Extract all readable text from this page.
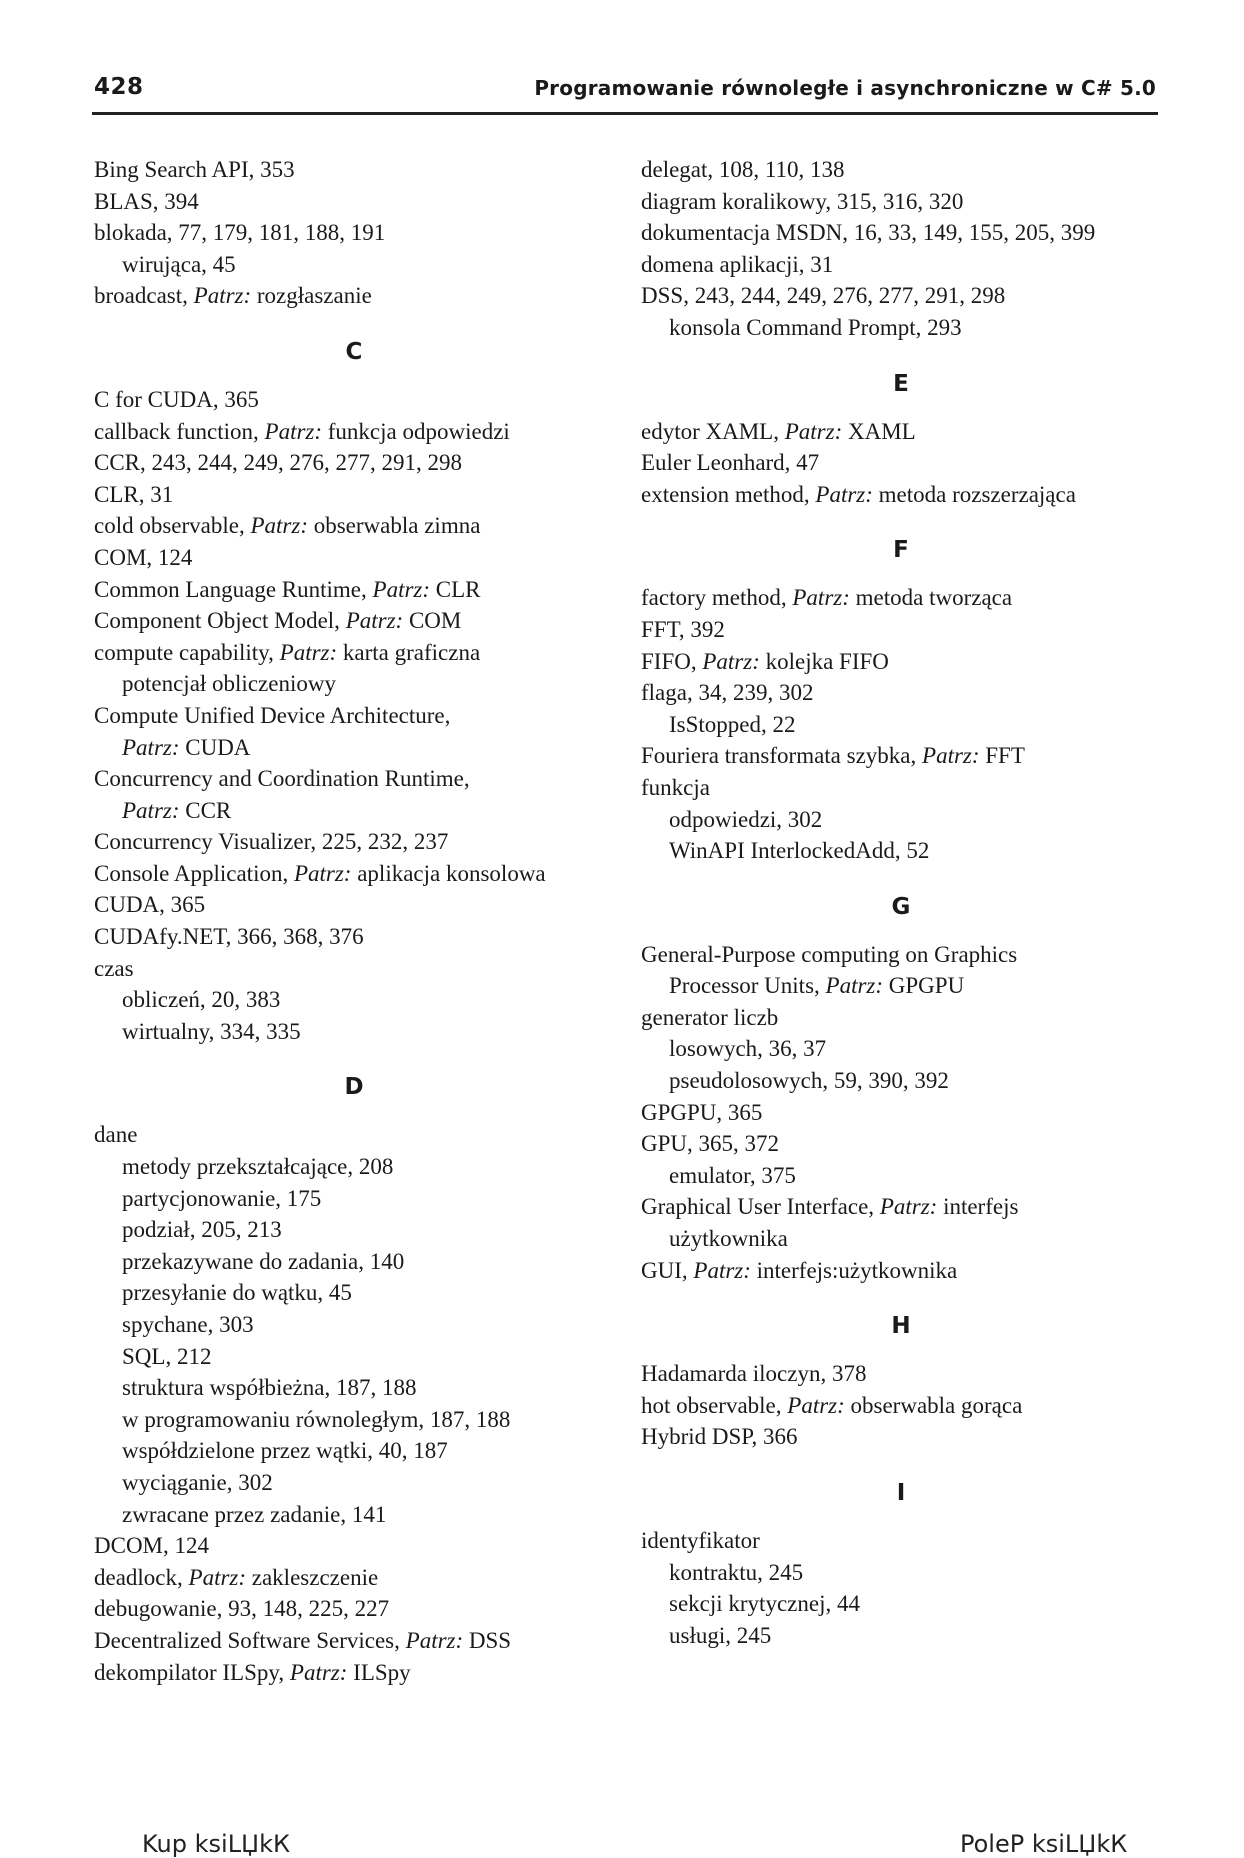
428	Programowanie równoległe i asynchroniczne w C# 5.0
Bing Search API, 353
BLAS, 394
blokada, 77, 179, 181, 188, 191
wirująca, 45
broadcast, Patrz: rozgłaszanie
C
C for CUDA, 365
callback function, Patrz: funkcja odpowiedzi
CCR, 243, 244, 249, 276, 277, 291, 298
CLR, 31
cold observable, Patrz: obserwabla zimna
COM, 124
Common Language Runtime, Patrz: CLR
Component Object Model, Patrz: COM
compute capability, Patrz: karta graficzna
potencjał obliczeniowy
Compute Unified Device Architecture,
Patrz: CUDA
Concurrency and Coordination Runtime,
Patrz: CCR
Concurrency Visualizer, 225, 232, 237
Console Application, Patrz: aplikacja konsolowa
CUDA, 365
CUDAfy.NET, 366, 368, 376
czas
obliczeń, 20, 383
wirtualny, 334, 335
D
dane
metody przekształcające, 208
partycjonowanie, 175
podział, 205, 213
przekazywane do zadania, 140
przesyłanie do wątku, 45
spychane, 303
SQL, 212
struktura współbieżna, 187, 188
w programowaniu równoległym, 187, 188
współdzielone przez wątki, 40, 187
wyciąganie, 302
zwracane przez zadanie, 141
DCOM, 124
deadlock, Patrz: zakleszczenie
debugowanie, 93, 148, 225, 227
Decentralized Software Services, Patrz: DSS
dekompilator ILSpy, Patrz: ILSpy
delegat, 108, 110, 138
diagram koralikowy, 315, 316, 320
dokumentacja MSDN, 16, 33, 149, 155, 205, 399
domena aplikacji, 31
DSS, 243, 244, 249, 276, 277, 291, 298
konsola Command Prompt, 293
E
edytor XAML, Patrz: XAML
Euler Leonhard, 47
extension method, Patrz: metoda rozszerzająca
F
factory method, Patrz: metoda tworząca
FFT, 392
FIFO, Patrz: kolejka FIFO
flaga, 34, 239, 302
IsStopped, 22
Fouriera transformata szybka, Patrz: FFT
funkcja
odpowiedzi, 302
WinAPI InterlockedAdd, 52
G
General-Purpose computing on Graphics
Processor Units, Patrz: GPGPU
generator liczb
losowych, 36, 37
pseudolosowych, 59, 390, 392
GPGPU, 365
GPU, 365, 372
emulator, 375
Graphical User Interface, Patrz: interfejs
użytkownika
GUI, Patrz: interfejs:użytkownika
H
Hadamarda iloczyn, 378
hot observable, Patrz: obserwabla gorąca
Hybrid DSP, 366
I
identyfikator
kontraktu, 245
sekcji krytycznej, 44
usługi, 245
Kup ksiLЏkК	PoleР ksiLЏkК
